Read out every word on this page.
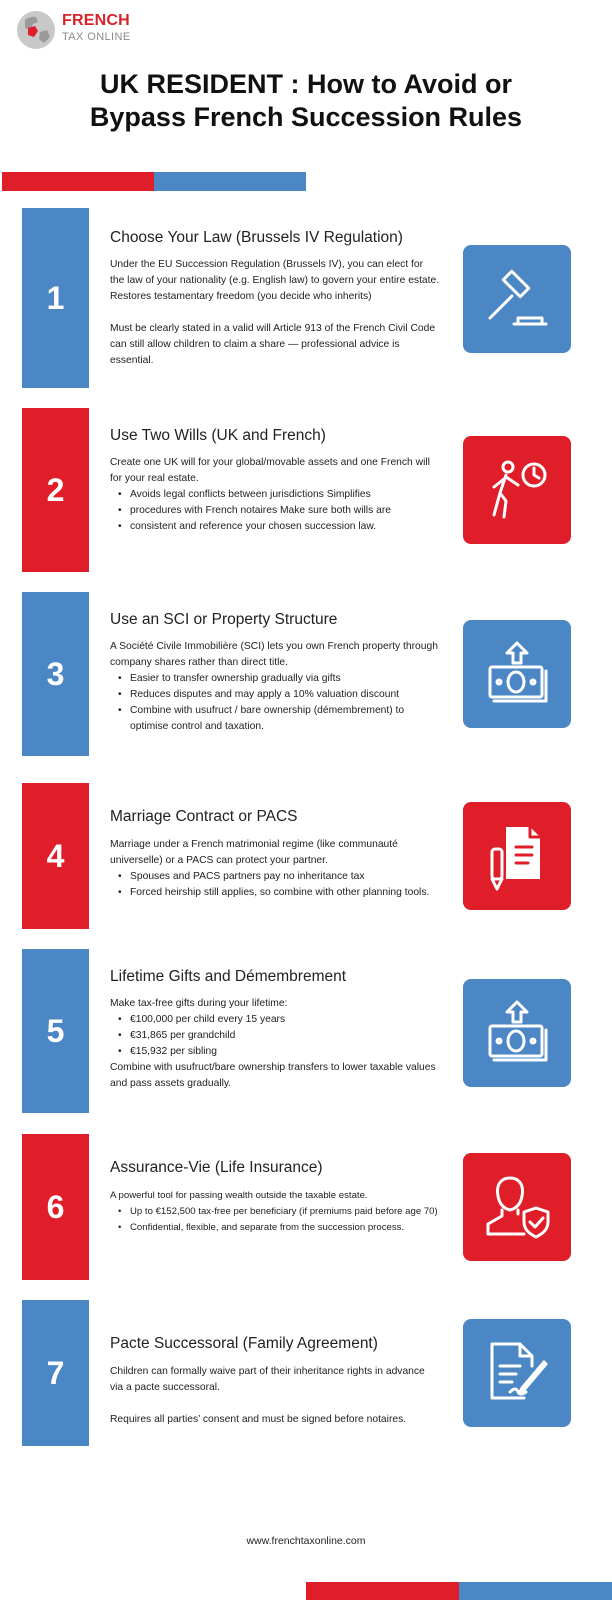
FRENCH
TAX ONLINE
UK RESIDENT : How to Avoid or
Bypass French Succession Rules
1
Choose Your Law (Brussels IV Regulation)

Under the EU Succession Regulation (Brussels IV), you can elect for the law of your nationality (e.g. English law) to govern your entire estate. Restores testamentary freedom (you decide who inherits)

Must be clearly stated in a valid will Article 913 of the French Civil Code can still allow children to claim a share — professional advice is essential.

2
Use Two Wills (UK and French)

Create one UK will for your global/movable assets and one French will for your real estate.

• Avoids legal conflicts between jurisdictions Simplifies
• procedures with French notaires Make sure both wills are
• consistent and reference your chosen succession law.
3
Use an SCI or Property Structure

A Société Civile Immobilière (SCI) lets you own French property through company shares rather than direct title.

• Easier to transfer ownership gradually via gifts
• Reduces disputes and may apply a 10% valuation discount
• Combine with usufruct / bare ownership (démembrement) to optimise control and taxation.
4
Marriage Contract or PACS

Marriage under a French matrimonial regime (like communauté universelle) or a PACS can protect your partner.

• Spouses and PACS partners pay no inheritance tax
• Forced heirship still applies, so combine with other planning tools.
5
Lifetime Gifts and Démembrement

Make tax-free gifts during your lifetime:

• €100,000 per child every 15 years
• €31,865 per grandchild
• €15,932 per sibling

Combine with usufruct/bare ownership transfers to lower taxable values and pass assets gradually.

6
Assurance-Vie (Life Insurance)

A powerful tool for passing wealth outside the taxable estate.

• Up to €152,500 tax-free per beneficiary (if premiums paid before age 70)
• Confidential, flexible, and separate from the succession process.
7
Pacte Successoral (Family Agreement)

Children can formally waive part of their inheritance rights in advance via a pacte successoral.

Requires all parties’ consent and must be signed before notaires.

www.frenchtaxonline.com
